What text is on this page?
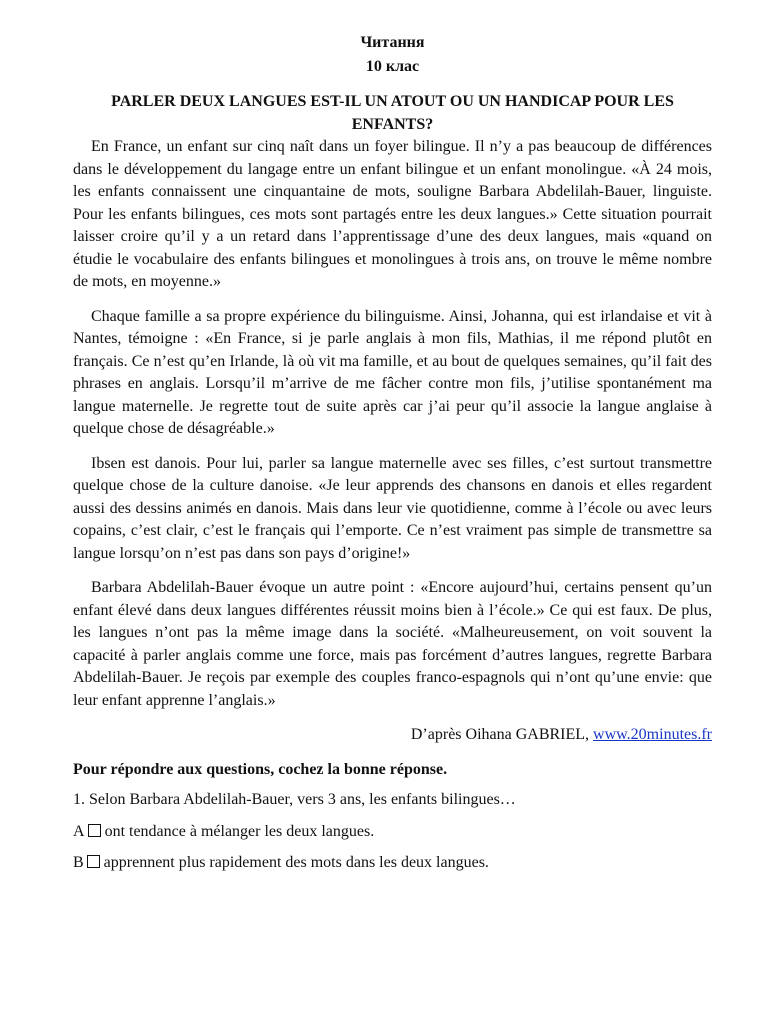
Читання
10 клас
PARLER DEUX LANGUES EST-IL UN ATOUT OU UN HANDICAP POUR LES ENFANTS?

En France, un enfant sur cinq naît dans un foyer bilingue. Il n’y a pas beaucoup de différences dans le développement du langage entre un enfant bilingue et un enfant monolingue. «À 24 mois, les enfants connaissent une cinquantaine de mots, souligne Barbara Abdelilah-Bauer, linguiste. Pour les enfants bilingues, ces mots sont partagés entre les deux langues.» Cette situation pourrait laisser croire qu’il y a un retard dans l’apprentissage d’une des deux langues, mais «quand on étudie le vocabulaire des enfants bilingues et monolingues à trois ans, on trouve le même nombre de mots, en moyenne.»

Chaque famille a sa propre expérience du bilinguisme. Ainsi, Johanna, qui est irlandaise et vit à Nantes, témoigne : «En France, si je parle anglais à mon fils, Mathias, il me répond plutôt en français. Ce n’est qu’en Irlande, là où vit ma famille, et au bout de quelques semaines, qu’il fait des phrases en anglais. Lorsqu’il m’arrive de me fâcher contre mon fils, j’utilise spontanément ma langue maternelle. Je regrette tout de suite après car j’ai peur qu’il associe la langue anglaise à quelque chose de désagréable.»

Ibsen est danois. Pour lui, parler sa langue maternelle avec ses filles, c’est surtout transmettre quelque chose de la culture danoise. «Je leur apprends des chansons en danois et elles regardent aussi des dessins animés en danois. Mais dans leur vie quotidienne, comme à l’école ou avec leurs copains, c’est clair, c’est le français qui l’emporte. Ce n’est vraiment pas simple de transmettre sa langue lorsqu’on n’est pas dans son pays d’origine!»

Barbara Abdelilah-Bauer évoque un autre point : «Encore aujourd’hui, certains pensent qu’un enfant élevé dans deux langues différentes réussit moins bien à l’école.» Ce qui est faux. De plus, les langues n’ont pas la même image dans la société. «Malheureusement, on voit souvent la capacité à parler anglais comme une force, mais pas forcément d’autres langues, regrette Barbara Abdelilah-Bauer. Je reçois par exemple des couples franco-espagnols qui n’ont qu’une envie: que leur enfant apprenne l’anglais.»

D’après Oihana GABRIEL, www.20minutes.fr
Pour répondre aux questions, cochez la bonne réponse.
1. Selon Barbara Abdelilah-Bauer, vers 3 ans, les enfants bilingues…
A ont tendance à mélanger les deux langues.
B apprennent plus rapidement des mots dans les deux langues.
